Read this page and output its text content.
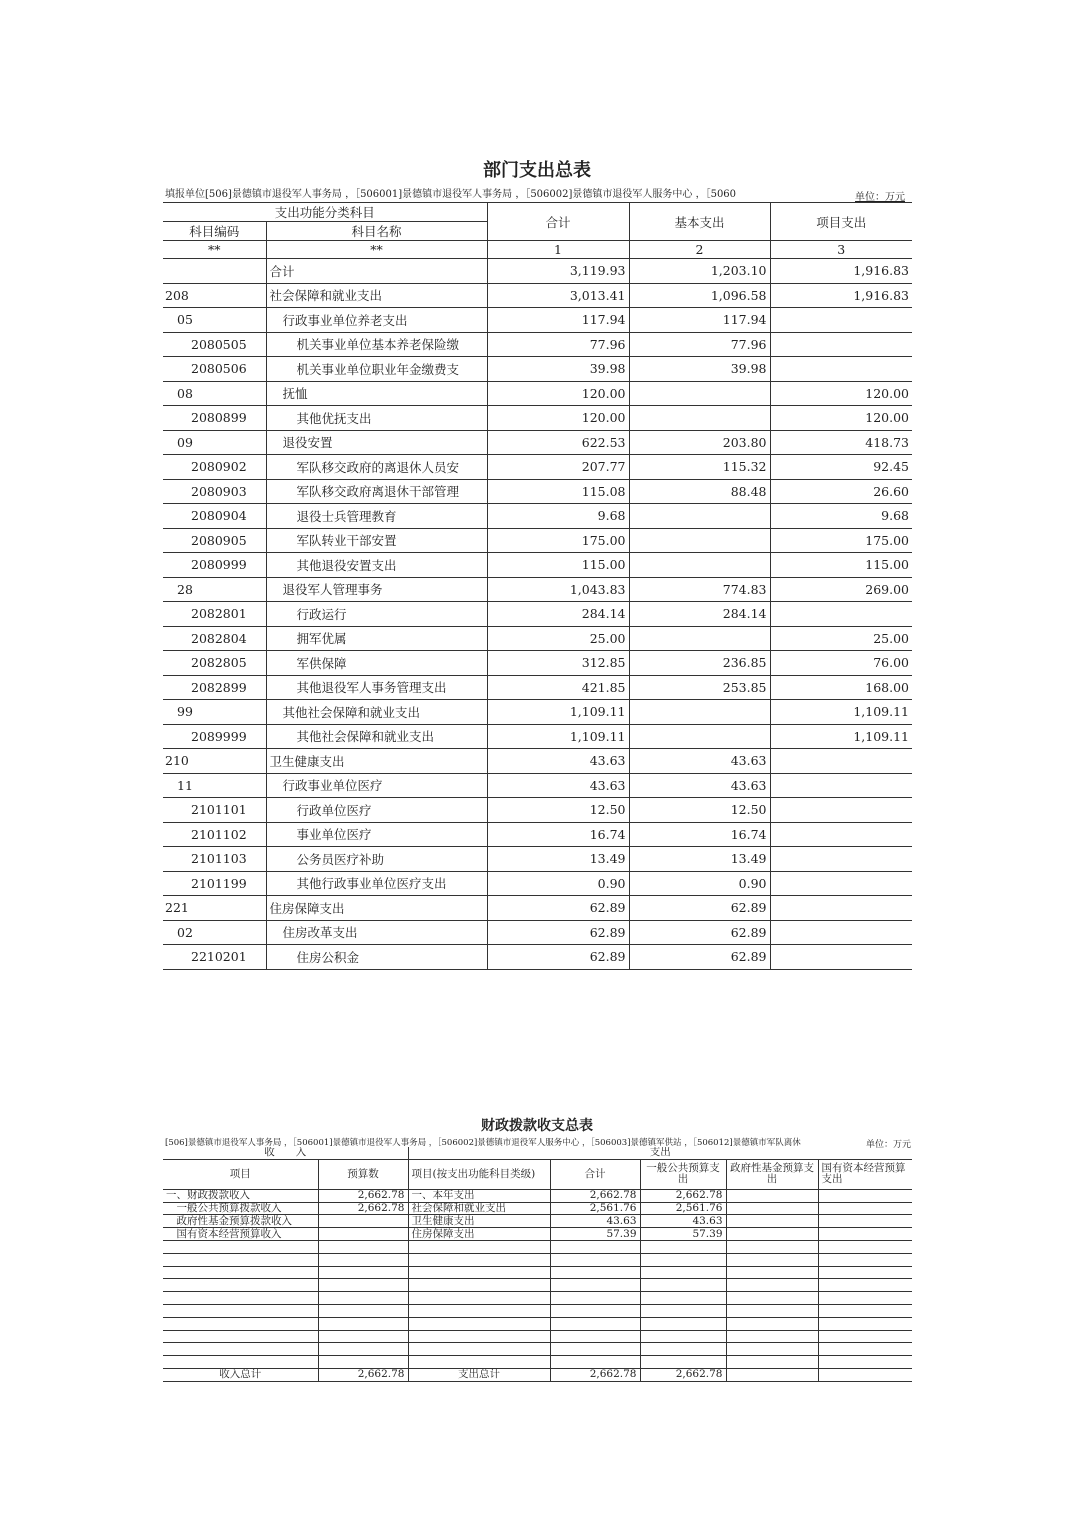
部门支出总表
填报单位[506]景德镇市退役军人事务局 ，［506001]景德镇市退役军人事务局 ，［506002]景德镇市退役军人服务中心 ，［5060	单位：万元
支出功能分类科目		合计	基本支出	项目支出
科目编码	科目名称			
**	**	1	2	3
	合计	3,119.93	1,203.10	1,916.83
208	社会保障和就业支出	3,013.41	1,096.58	1,916.83
05	行政事业单位养老支出	117.94	117.94	
2080505	机关事业单位基本养老保险缴	77.96	77.96	
2080506	机关事业单位职业年金缴费支	39.98	39.98	
08	抚恤	120.00		120.00
2080899	其他优抚支出	120.00		120.00
09	退役安置	622.53	203.80	418.73
2080902	军队移交政府的离退休人员安	207.77	115.32	92.45
2080903	军队移交政府离退休干部管理	115.08	88.48	26.60
2080904	退役士兵管理教育	9.68		9.68
2080905	军队转业干部安置	175.00		175.00
2080999	其他退役安置支出	115.00		115.00
28	退役军人管理事务	1,043.83	774.83	269.00
2082801	行政运行	284.14	284.14	
2082804	拥军优属	25.00		25.00
2082805	军供保障	312.85	236.85	76.00
2082899	其他退役军人事务管理支出	421.85	253.85	168.00
99	其他社会保障和就业支出	1,109.11		1,109.11
2089999	其他社会保障和就业支出	1,109.11		1,109.11
210	卫生健康支出	43.63	43.63	
11	行政事业单位医疗	43.63	43.63	
2101101	行政单位医疗	12.50	12.50	
2101102	事业单位医疗	16.74	16.74	
2101103	公务员医疗补助	13.49	13.49	
2101199	其他行政事业单位医疗支出	0.90	0.90	
221	住房保障支出	62.89	62.89	
02	住房改革支出	62.89	62.89	
2210201	住房公积金	62.89	62.89	
财政拨款收支总表
[506]景德镇市退役军人事务局 ，［506001]景德镇市退役军人事务局 ，［506002]景德镇市退役军人服务中心 ，［506003]景德镇军供站 ，［506012]景德镇市军队离休	单位：万元
收　　入		支出				
项目	预算数	项目(按支出功能科目类级)	合计	一般公共预算支出	政府性基金预算支出	国有资本经营预算支出
一、财政拨款收入	2,662.78	一、本年支出	2,662.78	2,662.78		
　一般公共预算拨款收入	2,662.78	社会保障和就业支出	2,561.76	2,561.76		
　政府性基金预算拨款收入		卫生健康支出	43.63	43.63		
　国有资本经营预算收入		住房保障支出	57.39	57.39		

收入总计	2,662.78	支出总计	2,662.78	2,662.78		
